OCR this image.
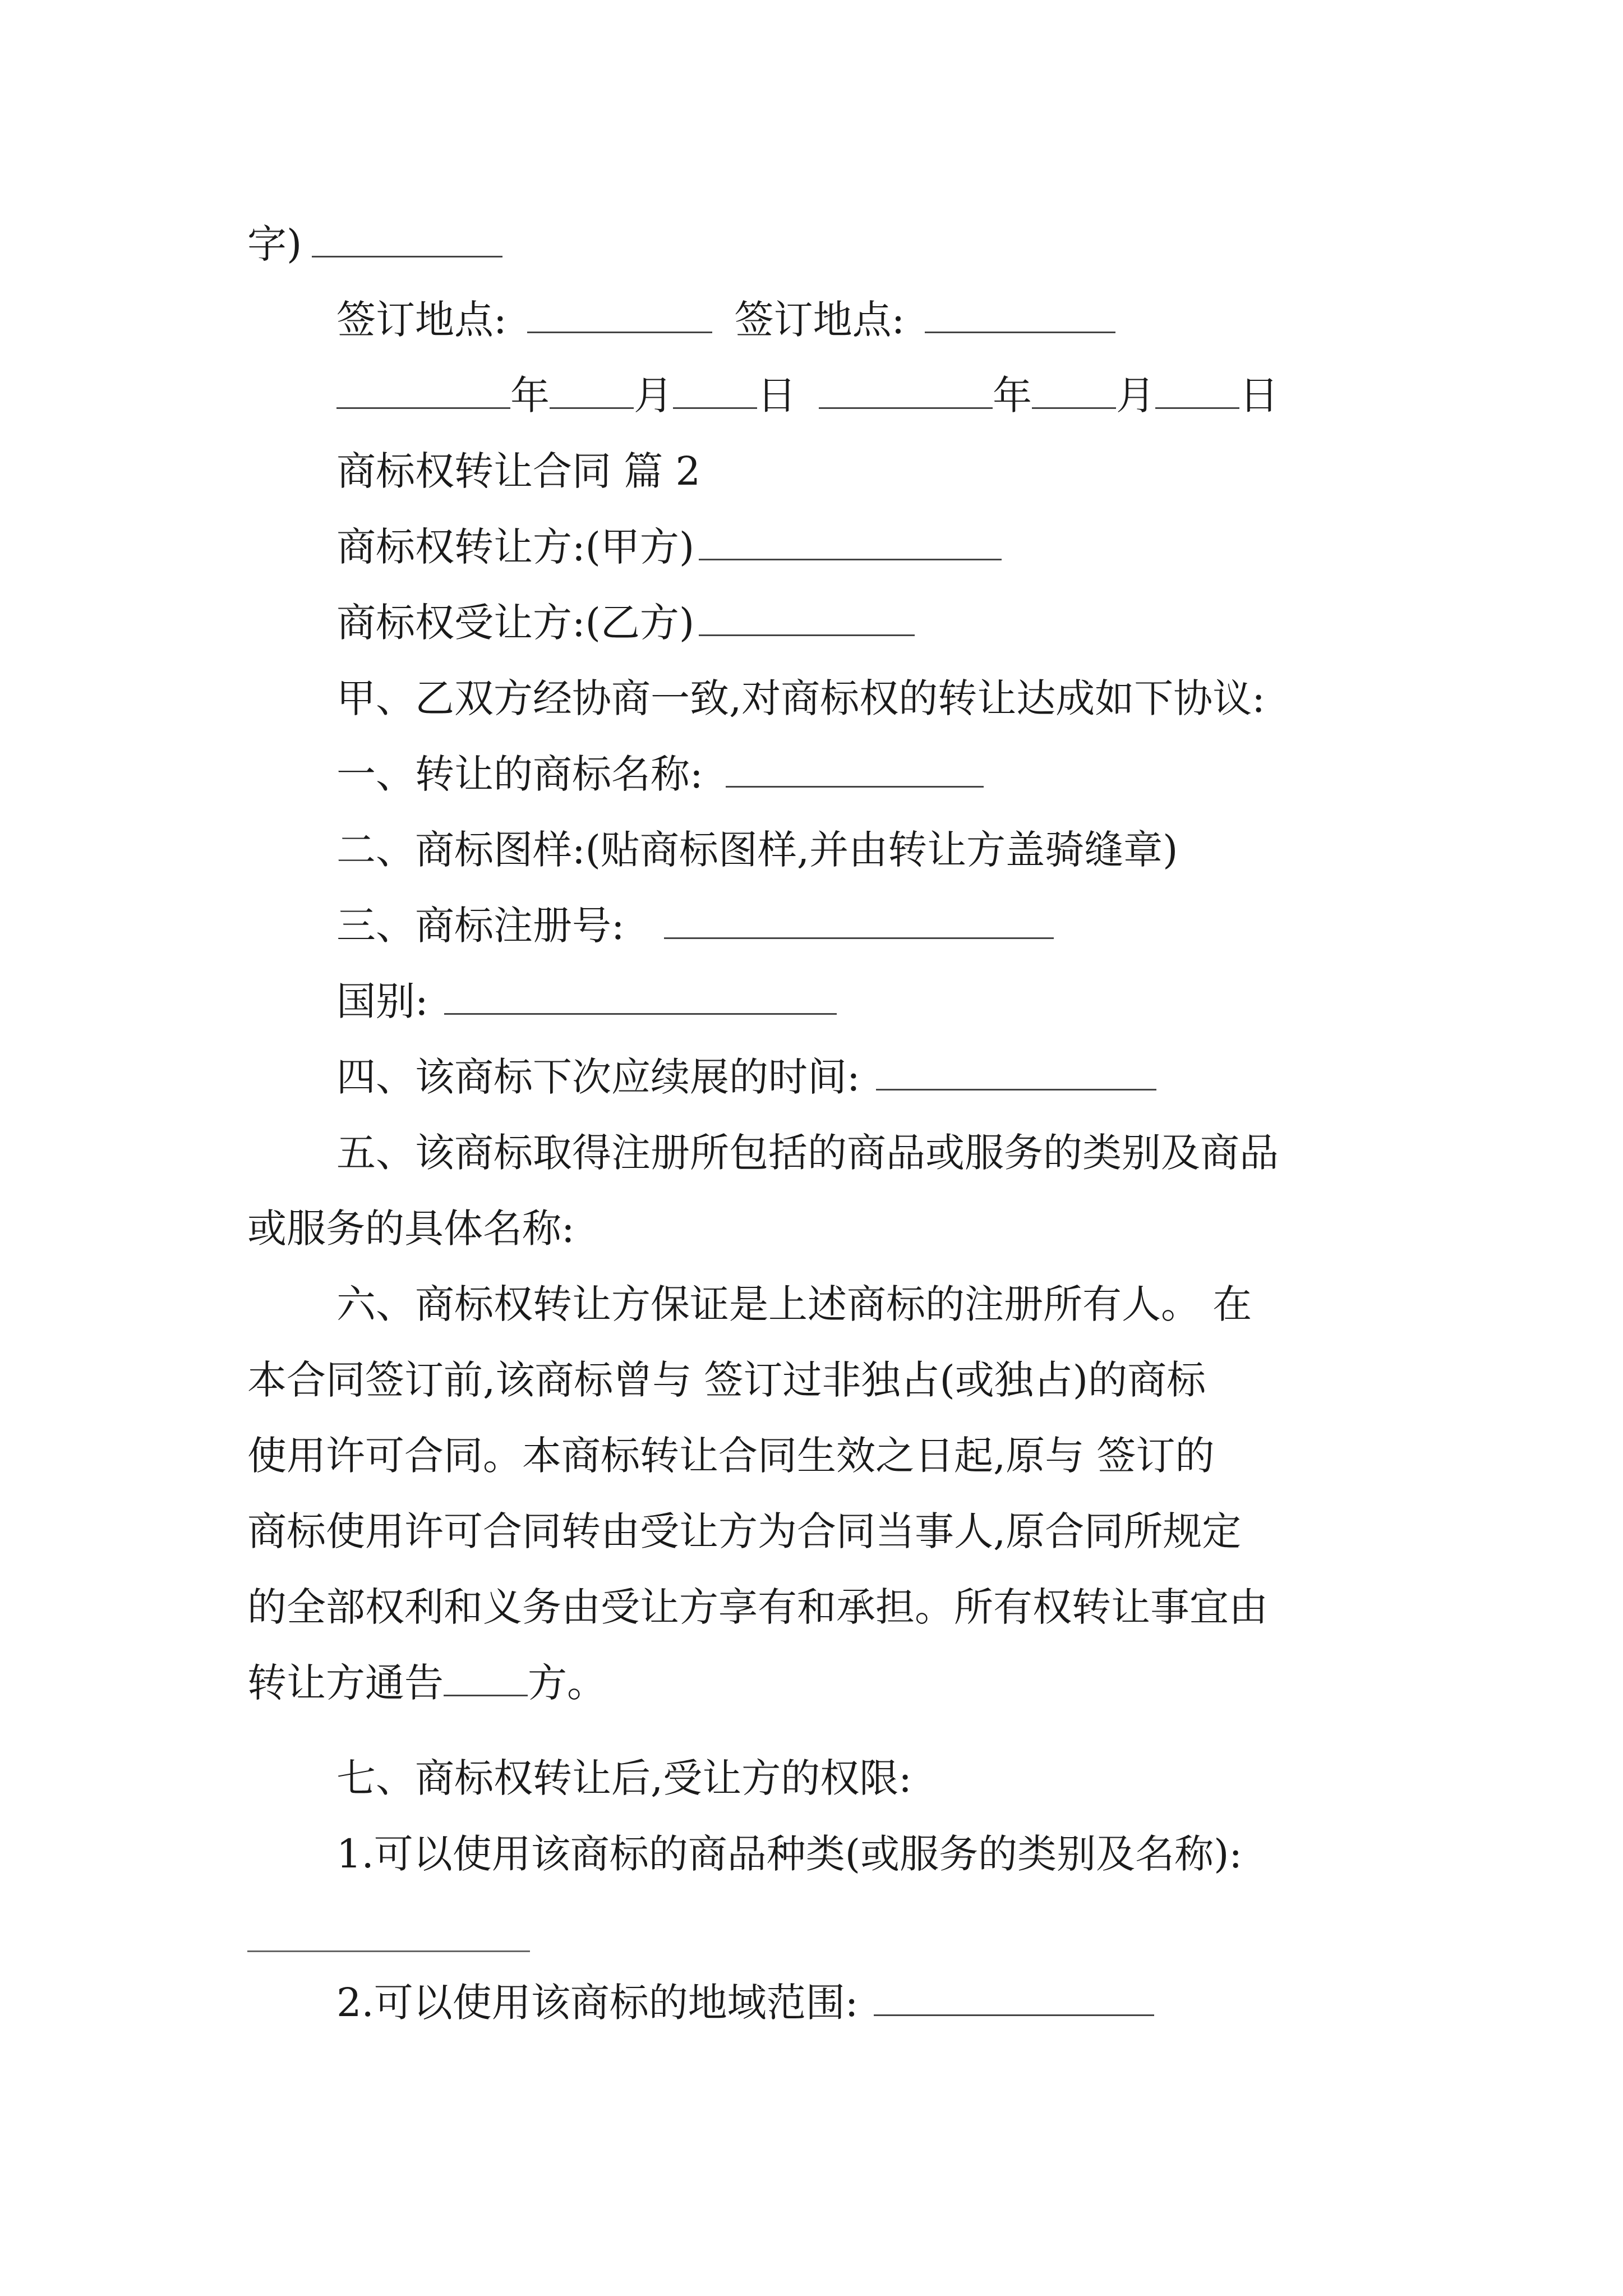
字)
签订地点:	签订地点:
年 月 日	年 月 日
商标权转让合同 篇 2
商标权转让方:(甲方)
商标权受让方:(乙方)
甲、乙双方经协商一致,对商标权的转让达成如下协议:
一、转让的商标名称:
二、商标图样:(贴商标图样,并由转让方盖骑缝章)
三、商标注册号:
国别:
四、该商标下次应续展的时间:
五、该商标取得注册所包括的商品或服务的类别及商品
或服务的具体名称:
六、商标权转让方保证是上述商标的注册所有人。 在
本合同签订前,该商标曾与 签订过非独占(或独占)的商标
使用许可合同。本商标转让合同生效之日起,原与 签订的
商标使用许可合同转由受让方为合同当事人,原合同所规定
的全部权利和义务由受让方享有和承担。所有权转让事宜由
转让方通告 方。
七、商标权转让后,受让方的权限:
1.可以使用该商标的商品种类(或服务的类别及名称):
2.可以使用该商标的地域范围:
